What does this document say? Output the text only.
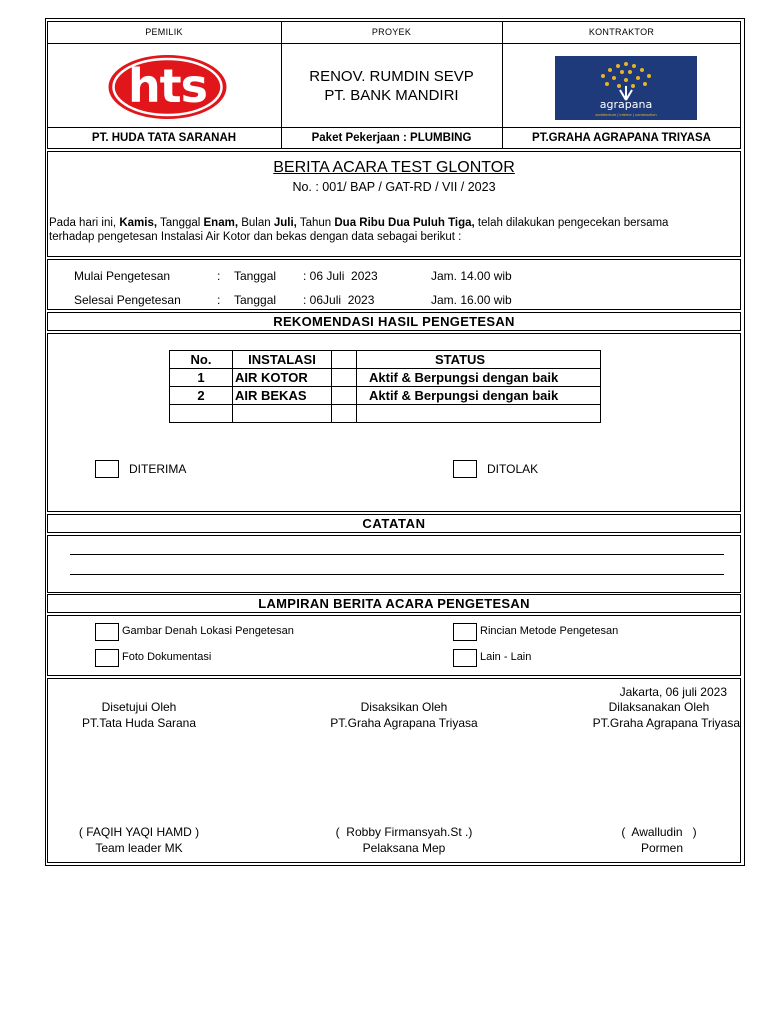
PEMILIK	PROYEK	KONTRAKTOR
hts	RENOV. RUMDIN SEVP
PT. BANK MANDIRI
agrapana
architecture | interior | construction
PT. HUDA TATA SARANAH	Paket Pekerjaan : PLUMBING	PT.GRAHA AGRAPANA TRIYASA
BERITA ACARA TEST GLONTOR
No. : 001/ BAP / GAT-RD / VII / 2023
Pada hari ini, Kamis, Tanggal Enam, Bulan Juli, Tahun Dua Ribu Dua Puluh Tiga, telah dilakukan pengecekan bersama
terhadap pengetesan Instalasi Air Kotor dan bekas dengan data sebagai berikut :
Mulai Pengetesan	: Tanggal : 06 Juli  2023	Jam. 14.00 wib
Selesai Pengetesan	: Tanggal : 06Juli  2023	Jam. 16.00 wib
REKOMENDASI HASIL PENGETESAN
No.	INSTALASI		STATUS
1	AIR KOTOR		Aktif & Berpungsi dengan baik
2	AIR BEKAS		Aktif & Berpungsi dengan baik

DITERIMA	DITOLAK
CATATAN
LAMPIRAN BERITA ACARA PENGETESAN
Gambar Denah Lokasi Pengetesan	Rincian Metode Pengetesan
Foto Dokumentasi	Lain - Lain
Jakarta, 06 juli 2023
Disetujui Oleh
PT.Tata Huda Sarana
( FAQIH YAQI HAMD )
Team leader MK
Disaksikan Oleh
PT.Graha Agrapana Triyasa
(  Robby Firmansyah.St .)
Pelaksana Mep
Dilaksanakan Oleh
PT.Graha Agrapana Triyasa
(  Awalludin   )
Pormen
